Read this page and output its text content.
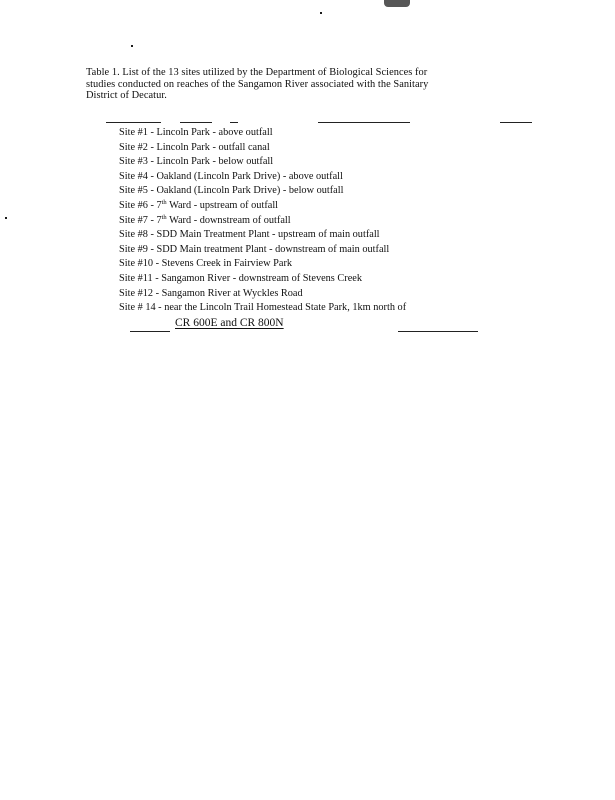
Table 1. List of the 13 sites utilized by the Department of Biological Sciences for
studies conducted on reaches of the Sangamon River associated with the Sanitary
District of Decatur.
Site #1 - Lincoln Park - above outfall
Site #2 - Lincoln Park - outfall canal
Site #3 - Lincoln Park - below outfall
Site #4 - Oakland (Lincoln Park Drive) - above outfall
Site #5 - Oakland (Lincoln Park Drive) - below outfall
Site #6 - 7th Ward - upstream of outfall
Site #7 - 7th Ward - downstream of outfall
Site #8 - SDD Main Treatment Plant - upstream of main outfall
Site #9 - SDD Main treatment Plant - downstream of main outfall
Site #10 - Stevens Creek in Fairview Park
Site #11 - Sangamon River - downstream of Stevens Creek
Site #12 - Sangamon River at Wyckles Road
Site # 14 - near the Lincoln Trail Homestead State Park, 1km north of
CR 600E and CR 800N
